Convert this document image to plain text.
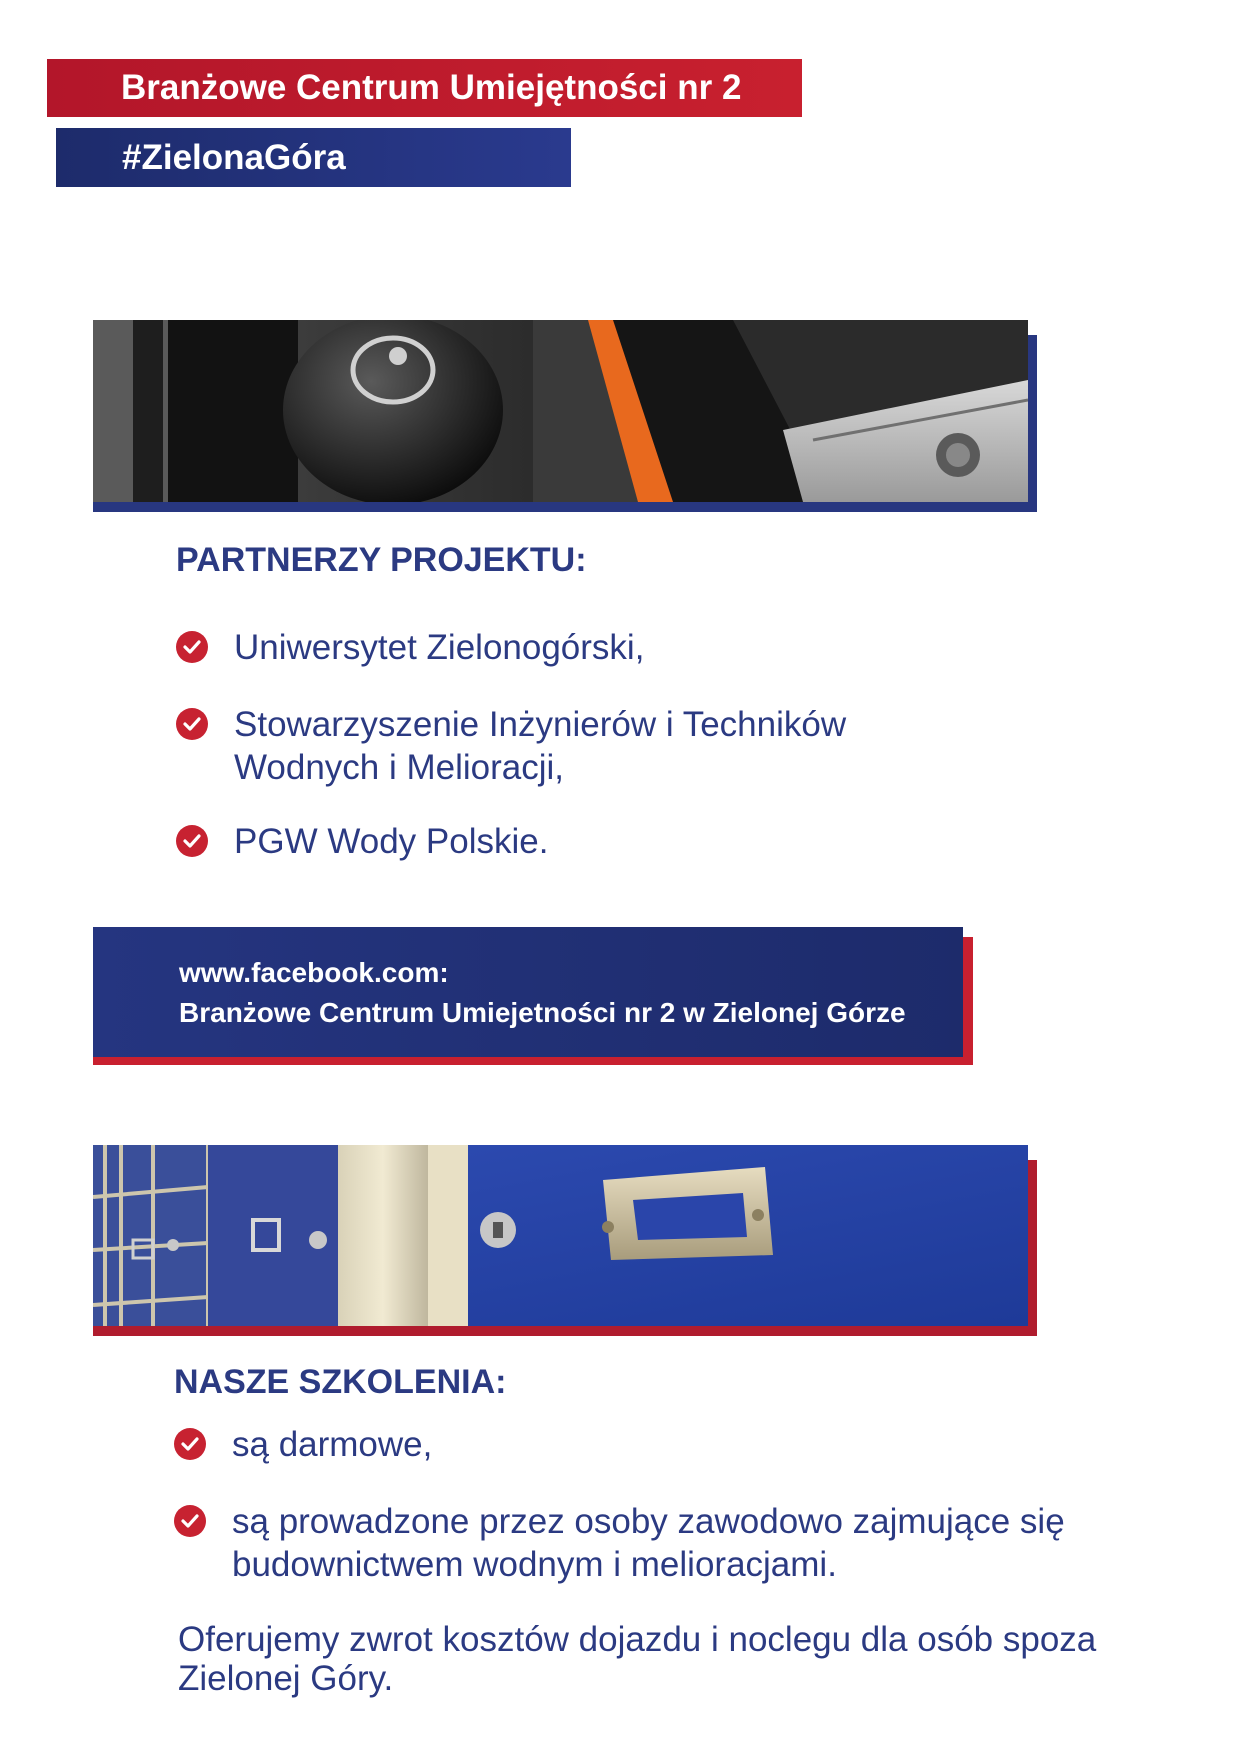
Branżowe Centrum Umiejętności nr 2
#ZielonaGóra
PARTNERZY PROJEKTU:
Uniwersytet Zielonogórski,
Stowarzyszenie Inżynierów i Techników Wodnych i Melioracji,
PGW Wody Polskie.
www.facebook.com:
Branżowe Centrum Umiejetności nr 2 w Zielonej Górze
NASZE SZKOLENIA:
są darmowe,
są prowadzone przez osoby zawodowo zajmujące się budownictwem wodnym i melioracjami.

Oferujemy zwrot kosztów dojazdu i noclegu dla osób spoza Zielonej Góry.
